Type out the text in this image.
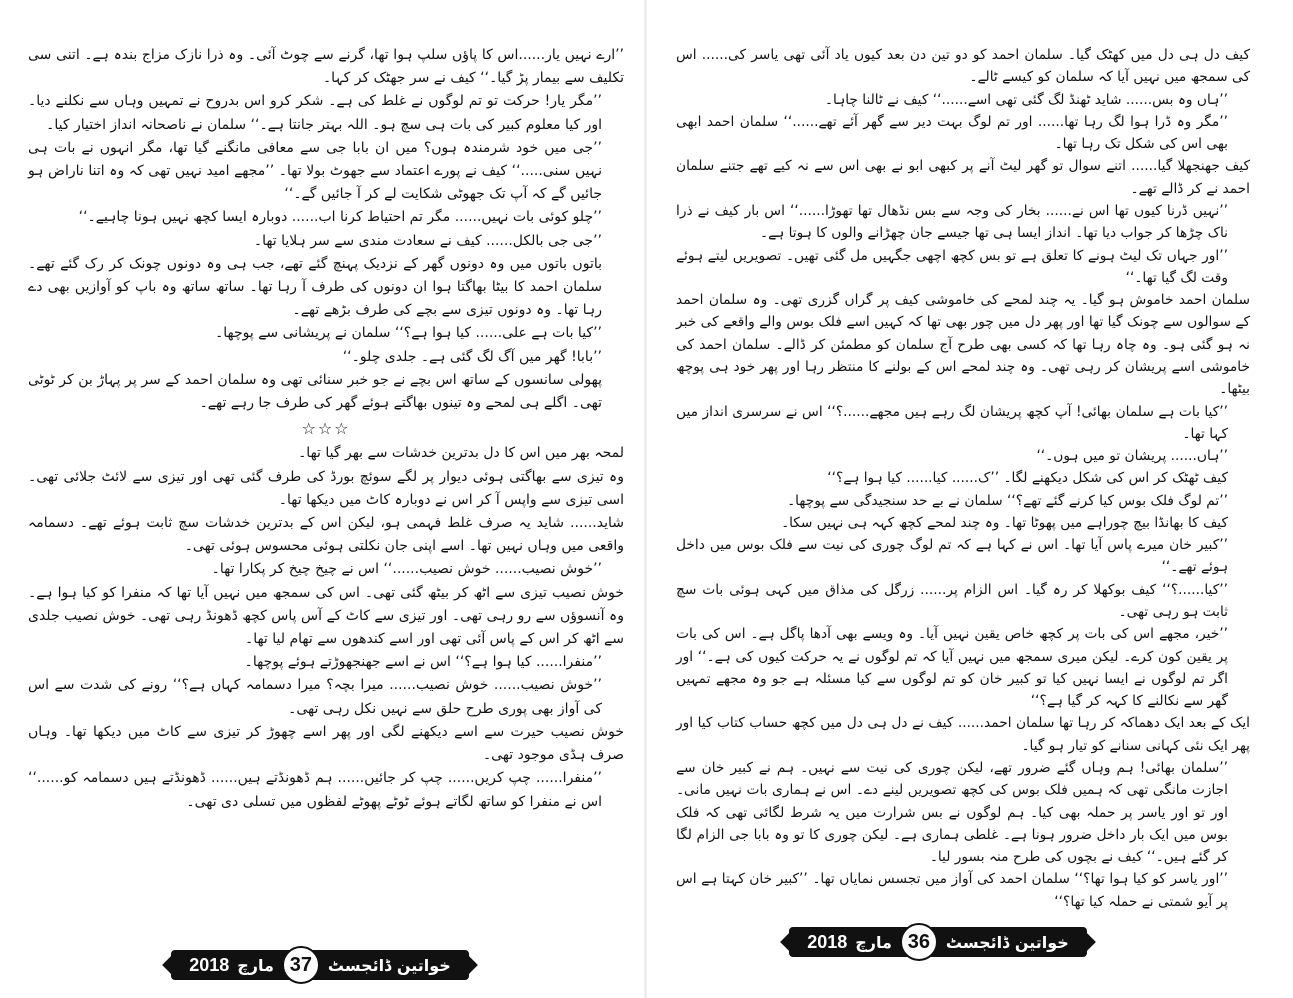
’’ارے نہیں یار......اس کا پاؤں سلپ ہوا تھا، گرنے سے چوٹ آئی۔ وہ ذرا نازک مزاج بندہ ہے۔ اتنی سی تکلیف سے بیمار پڑ گیا۔‘‘ کیف نے سر جھٹک کر کہا۔

’’مگر یار! حرکت تو تم لوگوں نے غلط کی ہے۔ شکر کرو اس بدروح نے تمہیں وہاں سے نکلنے دیا۔ اور کیا معلوم کبیر کی بات ہی سچ ہو۔ اللہ بہتر جانتا ہے۔‘‘ سلمان نے ناصحانہ انداز اختیار کیا۔

’’جی میں خود شرمندہ ہوں؟ میں ان بابا جی سے معافی مانگنے گیا تھا، مگر انہوں نے بات ہی نہیں سنی.....‘‘ کیف نے پورے اعتماد سے جھوٹ بولا تھا۔ ’’مجھے امید نہیں تھی کہ وہ اتنا ناراض ہو جائیں گے کہ آپ تک جھوٹی شکایت لے کر آ جائیں گے۔‘‘

’’چلو کوئی بات نہیں...... مگر تم احتیاط کرنا اب...... دوبارہ ایسا کچھ نہیں ہونا چاہیے۔‘‘

’’جی جی بالکل...... کیف نے سعادت مندی سے سر ہلایا تھا۔

باتوں باتوں میں وہ دونوں گھر کے نزدیک پہنچ گئے تھے، جب ہی وہ دونوں چونک کر رک گئے تھے۔ سلمان احمد کا بیٹا بھاگتا ہوا ان دونوں کی طرف آ رہا تھا۔ ساتھ ساتھ وہ باپ کو آوازیں بھی دے رہا تھا۔ وہ دونوں تیزی سے بچے کی طرف بڑھے تھے۔

’’کیا بات ہے علی...... کیا ہوا ہے؟‘‘ سلمان نے پریشانی سے پوچھا۔

’’بابا! گھر میں آگ لگ گئی ہے۔ جلدی چلو۔‘‘

پھولی سانسوں کے ساتھ اس بچے نے جو خبر سنائی تھی وہ سلمان احمد کے سر پر پہاڑ بن کر ٹوٹی تھی۔ اگلے ہی لمحے وہ تینوں بھاگتے ہوئے گھر کی طرف جا رہے تھے۔

☆☆☆

لمحہ بھر میں اس کا دل بدترین خدشات سے بھر گیا تھا۔

وہ تیزی سے بھاگتی ہوئی دیوار پر لگے سوئچ بورڈ کی طرف گئی تھی اور تیزی سے لائٹ جلائی تھی۔ اسی تیزی سے واپس آ کر اس نے دوبارہ کاٹ میں دیکھا تھا۔

شاید...... شاید یہ صرف غلط فہمی ہو، لیکن اس کے بدترین خدشات سچ ثابت ہوئے تھے۔ دسمامہ واقعی میں وہاں نہیں تھا۔ اسے اپنی جان نکلتی ہوئی محسوس ہوئی تھی۔

’’خوش نصیب...... خوش نصیب......‘‘ اس نے چیخ چیخ کر پکارا تھا۔

خوش نصیب تیزی سے اٹھ کر بیٹھ گئی تھی۔ اس کی سمجھ میں نہیں آیا تھا کہ منفرا کو کیا ہوا ہے۔ وہ آنسوؤں سے رو رہی تھی۔ اور تیزی سے کاٹ کے آس پاس کچھ ڈھونڈ رہی تھی۔ خوش نصیب جلدی سے اٹھ کر اس کے پاس آئی تھی اور اسے کندھوں سے تھام لیا تھا۔

’’منفرا...... کیا ہوا ہے؟‘‘ اس نے اسے جھنجھوڑتے ہوئے پوچھا۔

’’خوش نصیب...... خوش نصیب...... میرا بچہ؟ میرا دسمامہ کہاں ہے؟‘‘ رونے کی شدت سے اس کی آواز بھی پوری طرح حلق سے نہیں نکل رہی تھی۔

خوش نصیب حیرت سے اسے دیکھنے لگی اور پھر اسے چھوڑ کر تیزی سے کاٹ میں دیکھا تھا۔ وہاں صرف ہڈی موجود تھی۔

’’منفرا...... چپ کریں...... چپ کر جائیں...... ہم ڈھونڈتے ہیں...... ڈھونڈتے ہیں دسمامہ کو......‘‘ اس نے منفرا کو ساتھ لگاتے ہوئے ٹوٹے پھوٹے لفظوں میں تسلی دی تھی۔

2018 مارچ 37 خواتین ڈائجسٹ

کیف دل ہی دل میں کھٹک گیا۔ سلمان احمد کو دو تین دن بعد کیوں یاد آئی تھی یاسر کی...... اس کی سمجھ میں نہیں آیا کہ سلمان کو کیسے ٹالے۔

’’ہاں وہ بس...... شاید ٹھنڈ لگ گئی تھی اسے......‘‘ کیف نے ٹالنا چاہا۔

’’مگر وہ ڈرا ہوا لگ رہا تھا...... اور تم لوگ بہت دیر سے گھر آئے تھے......‘‘ سلمان احمد ابھی بھی اس کی شکل تک رہا تھا۔

کیف جھنجھلا گیا...... اتنے سوال تو گھر لیٹ آنے پر کبھی ابو نے بھی اس سے نہ کیے تھے جتنے سلمان احمد نے کر ڈالے تھے۔

’’نہیں ڈرنا کیوں تھا اس نے...... بخار کی وجہ سے بس نڈھال تھا تھوڑا......‘‘ اس بار کیف نے ذرا ناک چڑھا کر جواب دیا تھا۔ انداز ایسا ہی تھا جیسے جان چھڑانے والوں کا ہوتا ہے۔

’’اور جہاں تک لیٹ ہونے کا تعلق ہے تو بس کچھ اچھی جگہیں مل گئی تھیں۔ تصویریں لیتے ہوئے وقت لگ گیا تھا۔‘‘

سلمان احمد خاموش ہو گیا۔ یہ چند لمحے کی خاموشی کیف پر گراں گزری تھی۔ وہ سلمان احمد کے سوالوں سے چونک گیا تھا اور پھر دل میں چور بھی تھا کہ کہیں اسے فلک بوس والے واقعے کی خبر نہ ہو گئی ہو۔ وہ چاہ رہا تھا کہ کسی بھی طرح آج سلمان کو مطمئن کر ڈالے۔ سلمان احمد کی خاموشی اسے پریشان کر رہی تھی۔ وہ چند لمحے اس کے بولنے کا منتظر رہا اور پھر خود ہی پوچھ بیٹھا۔

’’کیا بات ہے سلمان بھائی! آپ کچھ پریشان لگ رہے ہیں مجھے......؟‘‘ اس نے سرسری انداز میں کہا تھا۔

’’ہاں...... پریشان تو میں ہوں۔‘‘

کیف ٹھٹک کر اس کی شکل دیکھنے لگا۔ ’’ک...... کیا...... کیا ہوا ہے؟‘‘

’’تم لوگ فلک بوس کیا کرنے گئے تھے؟‘‘ سلمان نے بے حد سنجیدگی سے پوچھا۔

کیف کا بھانڈا بیچ چوراہے میں پھوٹا تھا۔ وہ چند لمحے کچھ کہہ ہی نہیں سکا۔

’’کبیر خان میرے پاس آیا تھا۔ اس نے کہا ہے کہ تم لوگ چوری کی نیت سے فلک بوس میں داخل ہوئے تھے۔‘‘

’’کیا......؟‘‘ کیف بوکھلا کر رہ گیا۔ اس الزام پر...... زرگل کی مذاق میں کہی ہوئی بات سچ ثابت ہو رہی تھی۔

’’خیر، مجھے اس کی بات پر کچھ خاص یقین نہیں آیا۔ وہ ویسے بھی آدھا پاگل ہے۔ اس کی بات پر یقین کون کرے۔ لیکن میری سمجھ میں نہیں آیا کہ تم لوگوں نے یہ حرکت کیوں کی ہے۔‘‘ اور اگر تم لوگوں نے ایسا نہیں کیا تو کبیر خان کو تم لوگوں سے کیا مسئلہ ہے جو وہ مجھے تمہیں گھر سے نکالنے کا کہہ کر گیا ہے؟‘‘

ایک کے بعد ایک دھماکہ کر رہا تھا سلمان احمد...... کیف نے دل ہی دل میں کچھ حساب کتاب کیا اور پھر ایک نئی کہانی سنانے کو تیار ہو گیا۔

’’سلمان بھائی! ہم وہاں گئے ضرور تھے، لیکن چوری کی نیت سے نہیں۔ ہم نے کبیر خان سے اجازت مانگی تھی کہ ہمیں فلک بوس کی کچھ تصویریں لینے دے۔ اس نے ہماری بات نہیں مانی۔ اور تو اور یاسر پر حملہ بھی کیا۔ ہم لوگوں نے بس شرارت میں یہ شرط لگائی تھی کہ فلک بوس میں ایک بار داخل ضرور ہونا ہے۔ غلطی ہماری ہے۔ لیکن چوری کا تو وہ بابا جی الزام لگا کر گئے ہیں۔‘‘ کیف نے بچوں کی طرح منہ بسور لیا۔

’’اور یاسر کو کیا ہوا تھا؟‘‘ سلمان احمد کی آواز میں تجسس نمایاں تھا۔ ’’کبیر خان کہتا ہے اس پر آیو شمتی نے حملہ کیا تھا؟‘‘

2018 مارچ 36 خواتین ڈائجسٹ
